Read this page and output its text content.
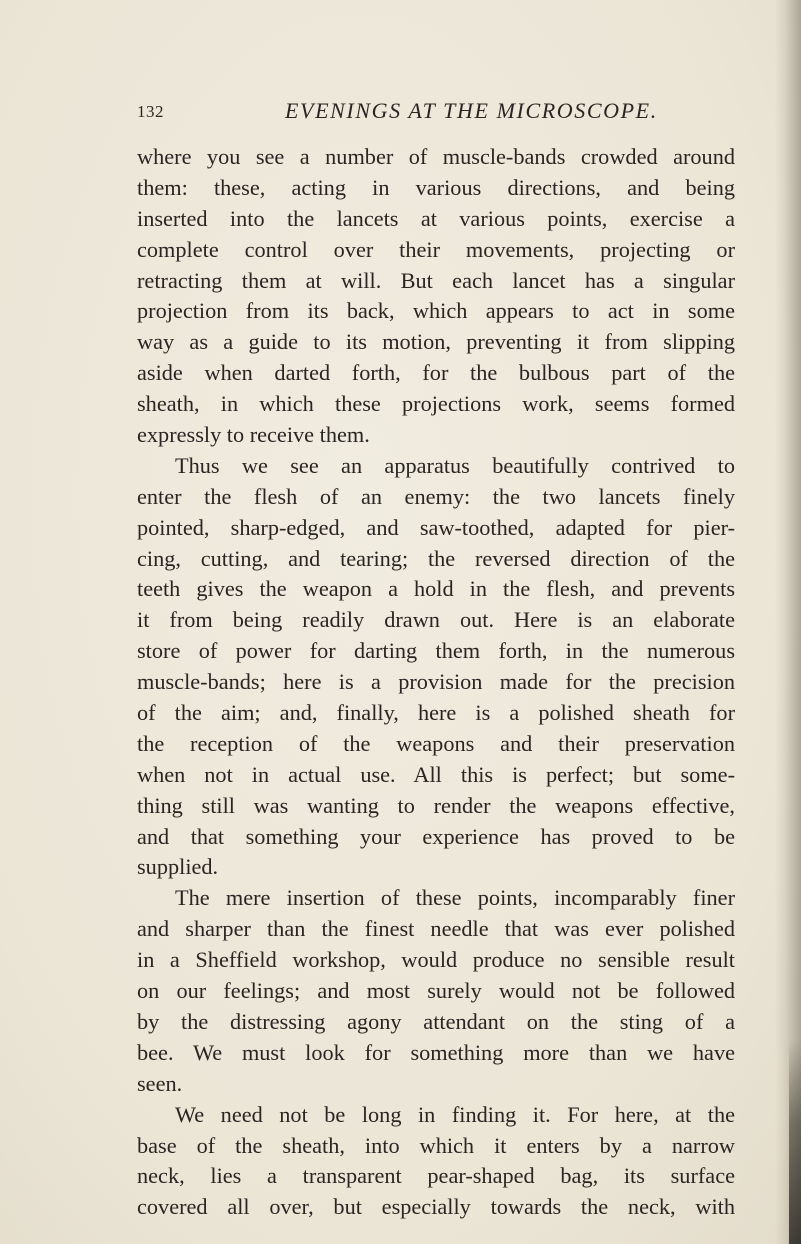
132	EVENINGS AT THE MICROSCOPE.
where you see a number of muscle-bands crowded around
them: these, acting in various directions, and being
inserted into the lancets at various points, exercise a
complete control over their movements, projecting or
retracting them at will. But each lancet has a singular
projection from its back, which appears to act in some
way as a guide to its motion, preventing it from slipping
aside when darted forth, for the bulbous part of the
sheath, in which these projections work, seems formed
expressly to receive them.
Thus we see an apparatus beautifully contrived to
enter the flesh of an enemy: the two lancets finely
pointed, sharp-edged, and saw-toothed, adapted for pier-
cing, cutting, and tearing; the reversed direction of the
teeth gives the weapon a hold in the flesh, and prevents
it from being readily drawn out. Here is an elaborate
store of power for darting them forth, in the numerous
muscle-bands; here is a provision made for the precision
of the aim; and, finally, here is a polished sheath for
the reception of the weapons and their preservation
when not in actual use. All this is perfect; but some-
thing still was wanting to render the weapons effective,
and that something your experience has proved to be
supplied.
The mere insertion of these points, incomparably finer
and sharper than the finest needle that was ever polished
in a Sheffield workshop, would produce no sensible result
on our feelings; and most surely would not be followed
by the distressing agony attendant on the sting of a
bee. We must look for something more than we have
seen.
We need not be long in finding it. For here, at the
base of the sheath, into which it enters by a narrow
neck, lies a transparent pear-shaped bag, its surface
covered all over, but especially towards the neck, with
